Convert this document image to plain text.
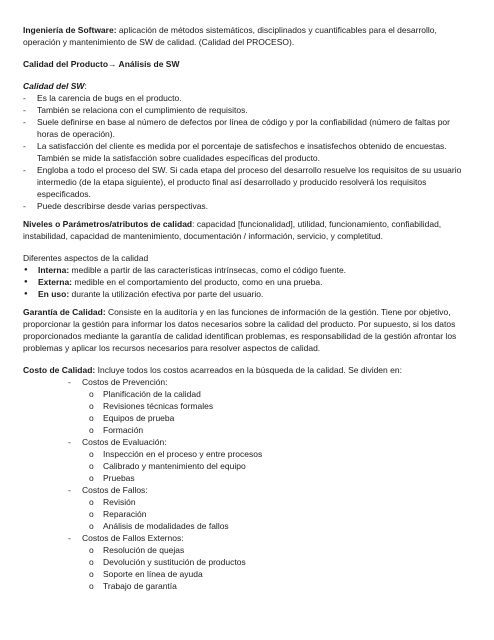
Ingeniería de Software: aplicación de métodos sistemáticos, disciplinados y cuantificables para el desarrollo, operación y mantenimiento de SW de calidad. (Calidad del PROCESO).

Calidad del Producto→ Análisis de SW

Calidad del SW:

-	Es la carencia de bugs en el producto.
-	También se relaciona con el cumplimiento de requisitos.
-	Suele definirse en base al número de defectos por línea de código y por la confiabilidad (número de faltas por horas de operación).
-	La satisfacción del cliente es medida por el porcentaje de satisfechos e insatisfechos obtenido de encuestas. También se mide la satisfacción sobre cualidades específicas del producto.
-	Engloba a todo el proceso del SW. Si cada etapa del proceso del desarrollo resuelve los requisitos de su usuario intermedio (de la etapa siguiente), el producto final así desarrollado y producido resolverá los requisitos especificados.
-	Puede describirse desde varias perspectivas.

Niveles o Parámetros/atributos de calidad: capacidad [funcionalidad], utilidad, funcionamiento, confiabilidad, instabilidad, capacidad de mantenimiento, documentación / información, servicio, y completitud.

Diferentes aspectos de la calidad

●	Interna: medible a partir de las características intrínsecas, como el código fuente.
●	Externa: medible en el comportamiento del producto, como en una prueba.
●	En uso: durante la utilización efectiva por parte del usuario.

Garantía de Calidad: Consiste en la auditoría y en las funciones de información de la gestión. Tiene por objetivo, proporcionar la gestión para informar los datos necesarios sobre la calidad del producto. Por supuesto, si los datos proporcionados mediante la garantía de calidad identifican problemas, es responsabilidad de la gestión afrontar los problemas y aplicar los recursos necesarios para resolver aspectos de calidad.

Costo de Calidad: Incluye todos los costos acarreados en la búsqueda de la calidad. Se dividen en:

-	Costos de Prevención:
o	Planificación de la calidad
o	Revisiones técnicas formales
o	Equipos de prueba
o	Formación
-	Costos de Evaluación:
o	Inspección en el proceso y entre procesos
o	Calibrado y mantenimiento del equipo
o	Pruebas
-	Costos de Fallos:
o	Revisión
o	Reparación
o	Análisis de modalidades de fallos
-	Costos de Fallos Externos:
o	Resolución de quejas
o	Devolución y sustitución de productos
o	Soporte en línea de ayuda
o	Trabajo de garantía
